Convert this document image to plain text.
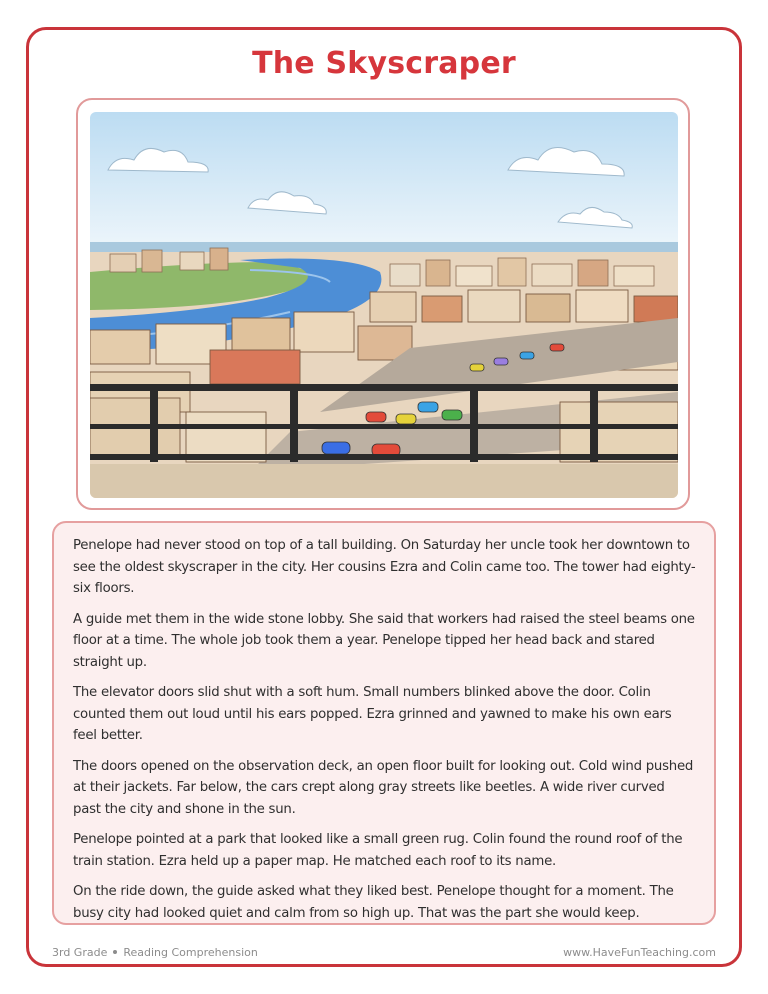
The Skyscraper

Penelope had never stood on top of a tall building. On Saturday her uncle took her downtown to see the oldest skyscraper in the city. Her cousins Ezra and Colin came too. The tower had eighty-six floors.

A guide met them in the wide stone lobby. She said that workers had raised the steel beams one floor at a time. The whole job took them a year. Penelope tipped her head back and stared straight up.

The elevator doors slid shut with a soft hum. Small numbers blinked above the door. Colin counted them out loud until his ears popped. Ezra grinned and yawned to make his own ears feel better.

The doors opened on the observation deck, an open floor built for looking out. Cold wind pushed at their jackets. Far below, the cars crept along gray streets like beetles. A wide river curved past the city and shone in the sun.

Penelope pointed at a park that looked like a small green rug. Colin found the round roof of the train station. Ezra held up a paper map. He matched each roof to its name.

On the ride down, the guide asked what they liked best. Penelope thought for a moment. The busy city had looked quiet and calm from so high up. That was the part she would keep.

3rd Grade Reading Comprehension	www.HaveFunTeaching.com
